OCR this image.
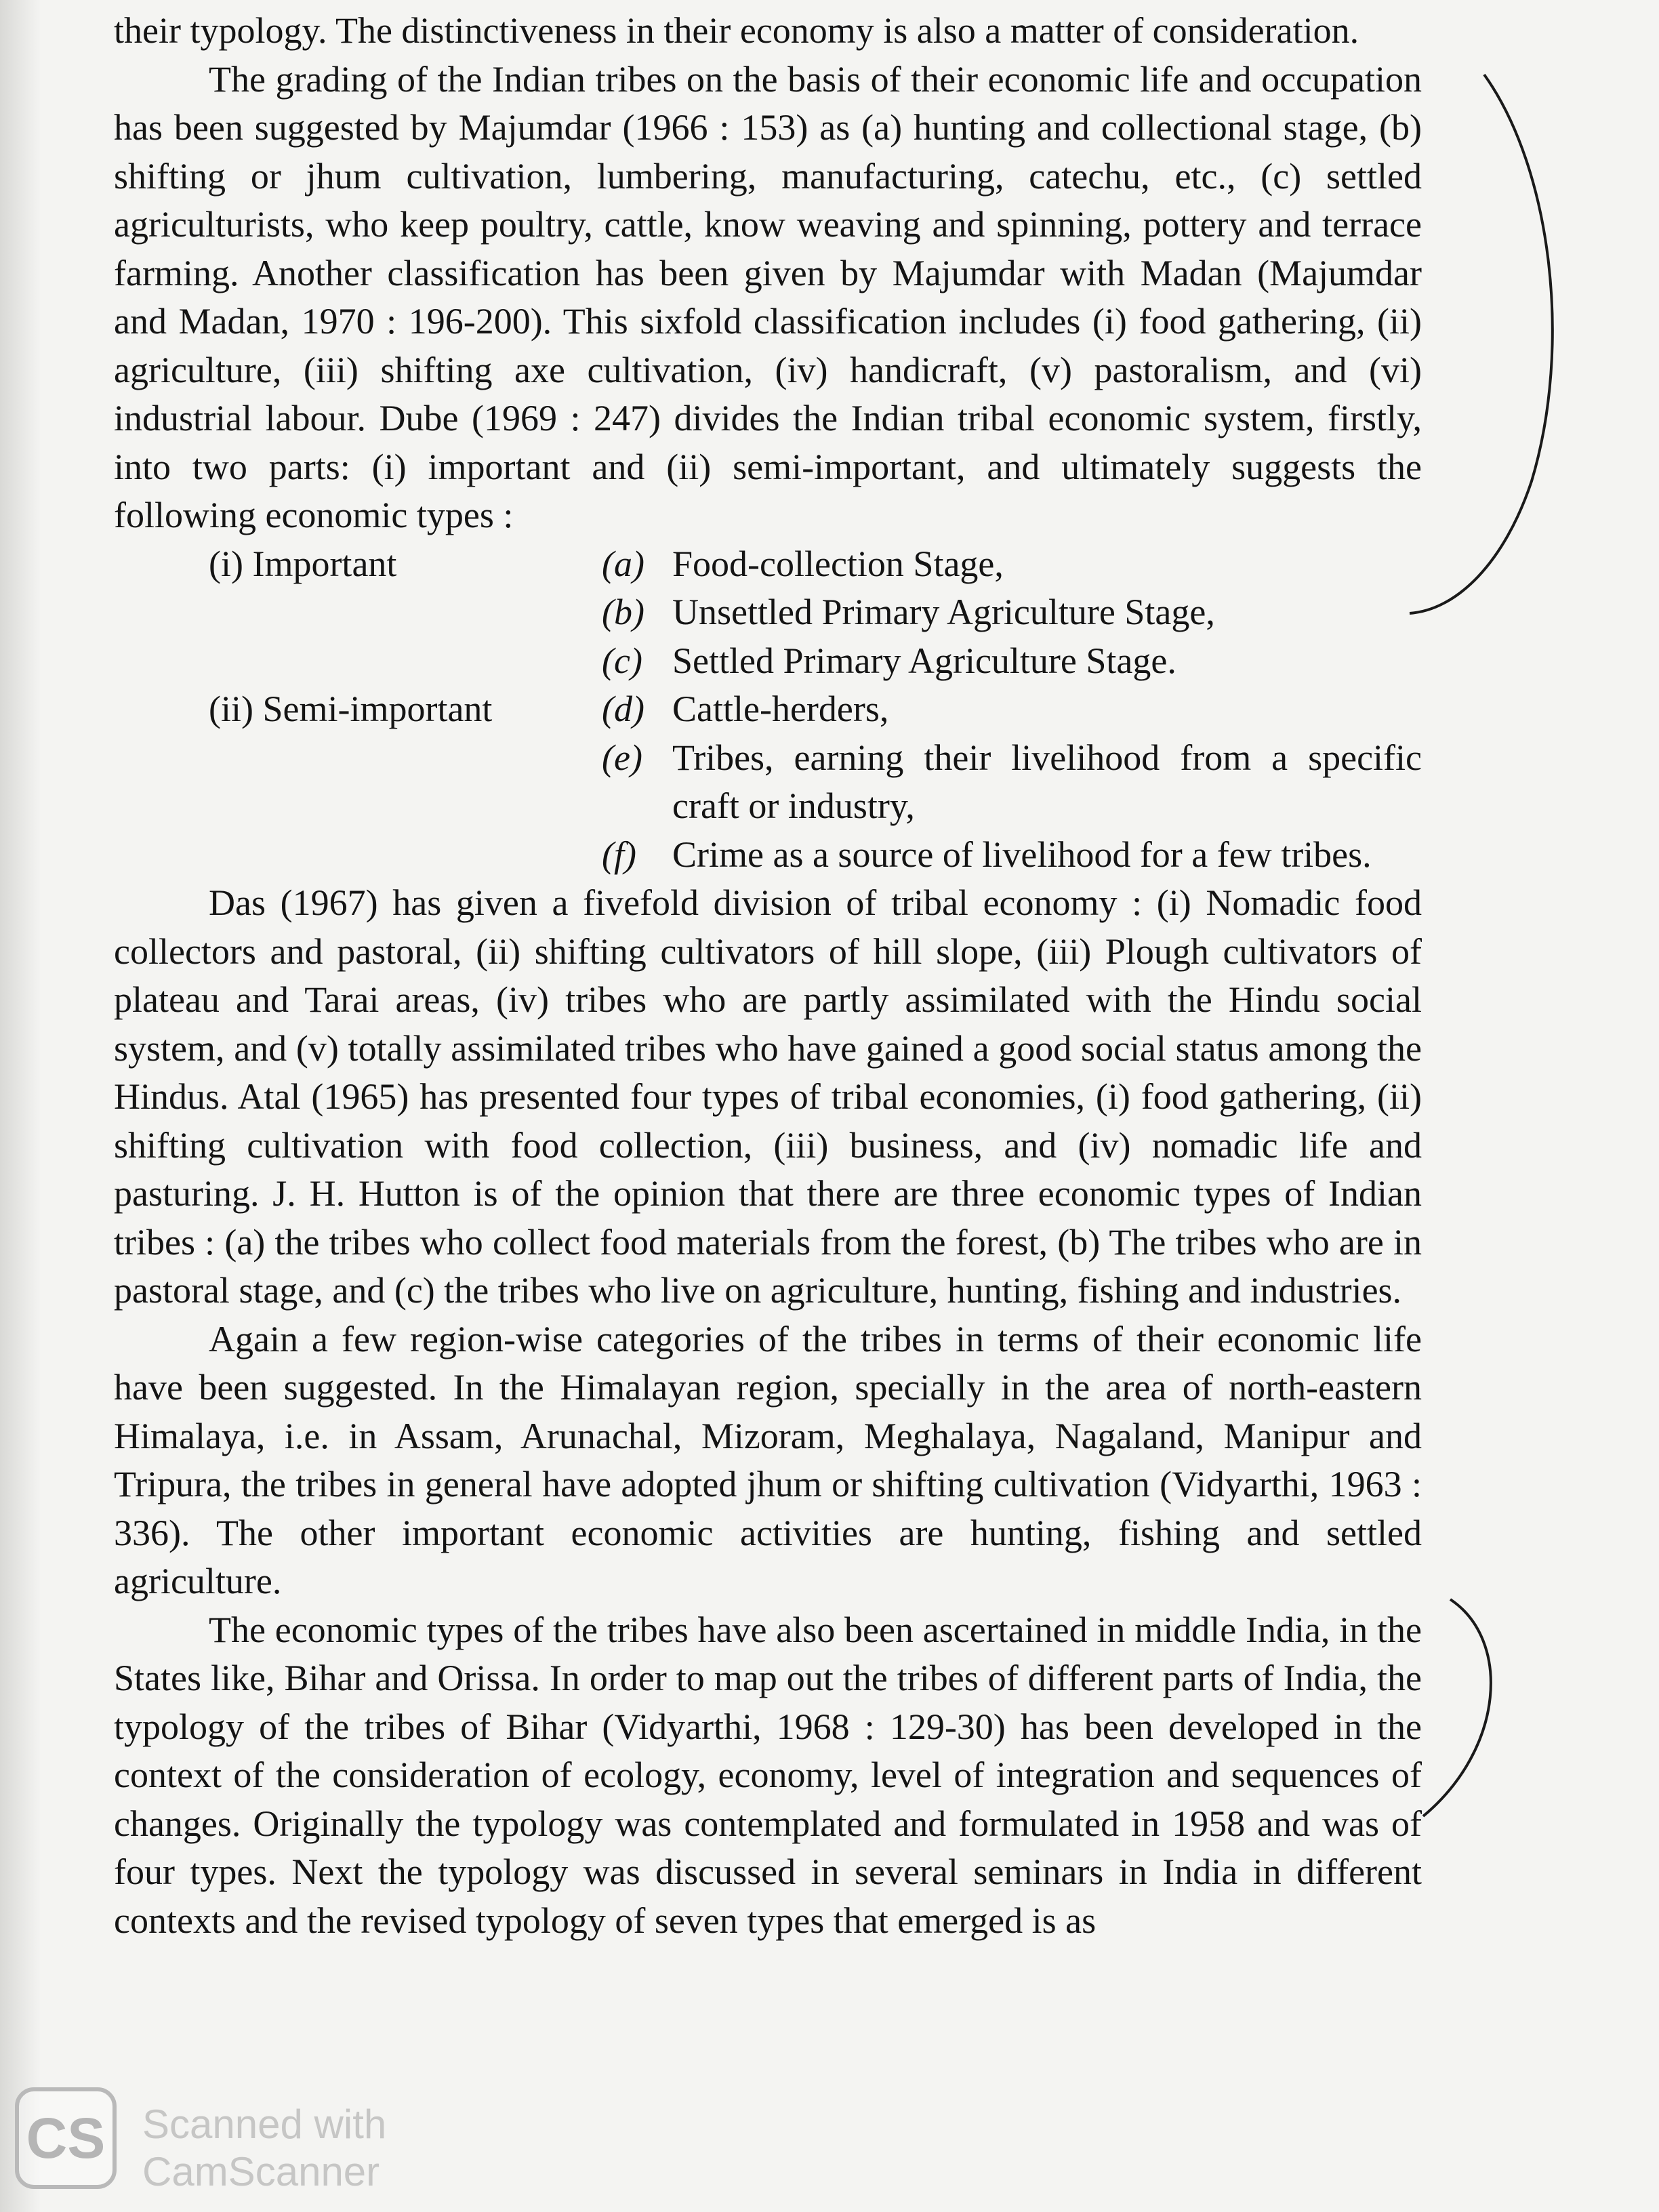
their typology. The distinctiveness in their economy is also a matter of consideration.

The grading of the Indian tribes on the basis of their economic life and occupation has been suggested by Majumdar (1966 : 153) as (a) hunting and collectional stage, (b) shifting or jhum cultivation, lumbering, manufacturing, catechu, etc., (c) settled agriculturists, who keep poultry, cattle, know weaving and spinning, pottery and terrace farming. Another classification has been given by Majumdar with Madan (Majumdar and Madan, 1970 : 196-200). This sixfold classification includes (i) food gathering, (ii) agriculture, (iii) shifting axe cultivation, (iv) handicraft, (v) pastoralism, and (vi) industrial labour. Dube (1969 : 247) divides the Indian tribal economic system, firstly, into two parts: (i) important and (ii) semi-important, and ultimately suggests the following economic types :

(i) Important	(a) Food-collection Stage,
(b) Unsettled Primary Agriculture Stage,
(c) Settled Primary Agriculture Stage.
(ii) Semi-important	(d) Cattle-herders,
(e) Tribes, earning their livelihood from a specific craft or industry,
(f) Crime as a source of livelihood for a few tribes.

Das (1967) has given a fivefold division of tribal economy : (i) Nomadic food collectors and pastoral, (ii) shifting cultivators of hill slope, (iii) Plough cultivators of plateau and Tarai areas, (iv) tribes who are partly assimilated with the Hindu social system, and (v) totally assimilated tribes who have gained a good social status among the Hindus. Atal (1965) has presented four types of tribal economies, (i) food gathering, (ii) shifting cultivation with food collection, (iii) business, and (iv) nomadic life and pasturing. J. H. Hutton is of the opinion that there are three economic types of Indian tribes : (a) the tribes who collect food materials from the forest, (b) The tribes who are in pastoral stage, and (c) the tribes who live on agriculture, hunting, fishing and industries.

Again a few region-wise categories of the tribes in terms of their economic life have been suggested. In the Himalayan region, specially in the area of north-eastern Himalaya, i.e. in Assam, Arunachal, Mizoram, Meghalaya, Nagaland, Manipur and Tripura, the tribes in general have adopted jhum or shifting cultivation (Vidyarthi, 1963 : 336). The other important economic activities are hunting, fishing and settled agriculture.

The economic types of the tribes have also been ascertained in middle India, in the States like, Bihar and Orissa. In order to map out the tribes of different parts of India, the typology of the tribes of Bihar (Vidyarthi, 1968 : 129-30) has been developed in the context of the consideration of ecology, economy, level of integration and sequences of changes. Originally the typology was contemplated and formulated in 1958 and was of four types. Next the typology was discussed in several seminars in India in different contexts and the revised typology of seven types that emerged is as

CS Scanned with
CamScanner
